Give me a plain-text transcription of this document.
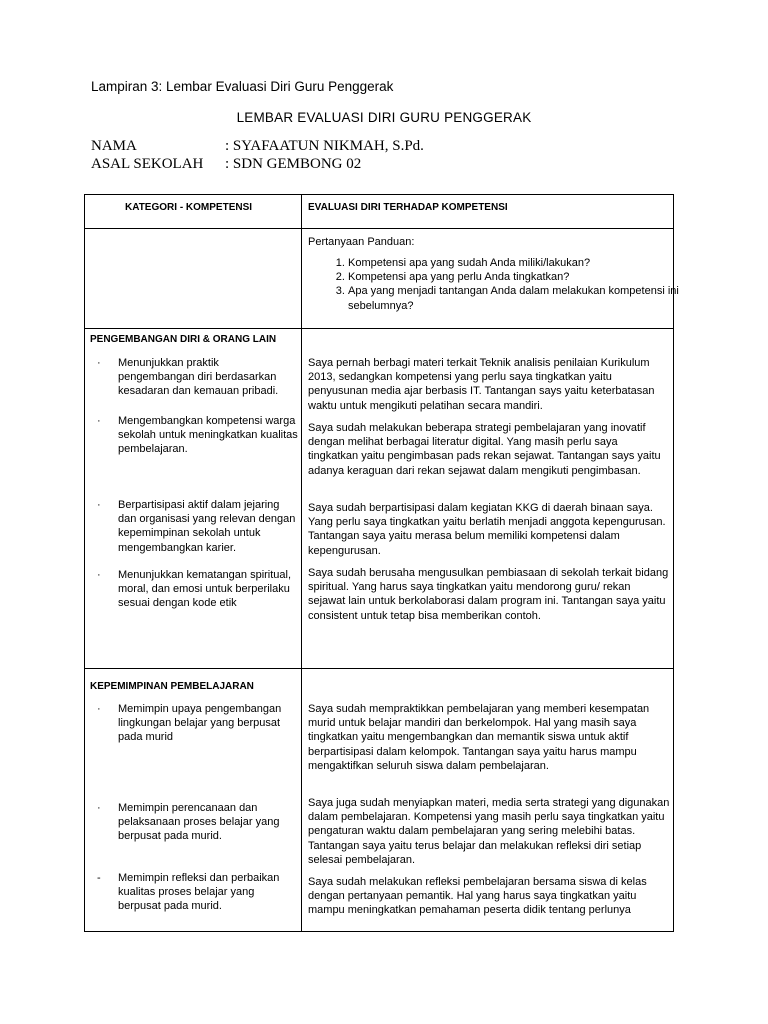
Lampiran 3: Lembar Evaluasi Diri Guru Penggerak
LEMBAR EVALUASI DIRI GURU PENGGERAK
NAMA	: SYAFAATUN NIKMAH, S.Pd.
ASAL SEKOLAH : SDN GEMBONG 02
KATEGORI - KOMPETENSI	EVALUASI DIRI TERHADAP KOMPETENSI
Pertanyaan Panduan:
1. Kompetensi apa yang sudah Anda miliki/lakukan?
2. Kompetensi apa yang perlu Anda tingkatkan?
3. Apa yang menjadi tantangan Anda dalam melakukan kompetensi ini sebelumnya?
PENGEMBANGAN DIRI & ORANG LAIN
· Menunjukkan praktik pengembangan diri berdasarkan kesadaran dan kemauan pribadi.
· Mengembangkan kompetensi warga sekolah untuk meningkatkan kualitas pembelajaran.
· Berpartisipasi aktif dalam jejaring dan organisasi yang relevan dengan kepemimpinan sekolah untuk mengembangkan karier.
· Menunjukkan kematangan spiritual, moral, dan emosi untuk berperilaku sesuai dengan kode etik
Saya pernah berbagi materi terkait Teknik analisis penilaian Kurikulum 2013, sedangkan kompetensi yang perlu saya tingkatkan yaitu penyusunan media ajar berbasis IT. Tantangan says yaitu keterbatasan waktu untuk mengikuti pelatihan secara mandiri.
Saya sudah melakukan beberapa strategi pembelajaran yang inovatif dengan melihat berbagai literatur digital. Yang masih perlu saya tingkatkan yaitu pengimbasan pads rekan sejawat. Tantangan says yaitu adanya keraguan dari rekan sejawat dalam mengikuti pengimbasan.
Saya sudah berpartisipasi dalam kegiatan KKG di daerah binaan saya. Yang perlu saya tingkatkan yaitu berlatih menjadi anggota kepengurusan. Tantangan saya yaitu merasa belum memiliki kompetensi dalam kepengurusan.
Saya sudah berusaha mengusulkan pembiasaan di sekolah terkait bidang spiritual. Yang harus saya tingkatkan yaitu mendorong guru/ rekan sejawat lain untuk berkolaborasi dalam program ini. Tantangan saya yaitu consistent untuk tetap bisa memberikan contoh.
KEPEMIMPINAN PEMBELAJARAN
· Memimpin upaya pengembangan lingkungan belajar yang berpusat pada murid
· Memimpin perencanaan dan pelaksanaan proses belajar yang berpusat pada murid.
- Memimpin refleksi dan perbaikan kualitas proses belajar yang berpusat pada murid.
Saya sudah mempraktikkan pembelajaran yang memberi kesempatan murid untuk belajar mandiri dan berkelompok. Hal yang masih saya tingkatkan yaitu mengembangkan dan memantik siswa untuk aktif berpartisipasi dalam kelompok. Tantangan saya yaitu harus mampu mengaktifkan seluruh siswa dalam pembelajaran.
Saya juga sudah menyiapkan materi, media serta strategi yang digunakan dalam pembelajaran. Kompetensi yang masih perlu saya tingkatkan yaitu pengaturan waktu dalam pembelajaran yang sering melebihi batas. Tantangan saya yaitu terus belajar dan melakukan refleksi diri setiap selesai pembelajaran.
Saya sudah melakukan refleksi pembelajaran bersama siswa di kelas dengan pertanyaan pemantik. Hal yang harus saya tingkatkan yaitu mampu meningkatkan pemahaman peserta didik tentang perlunya
